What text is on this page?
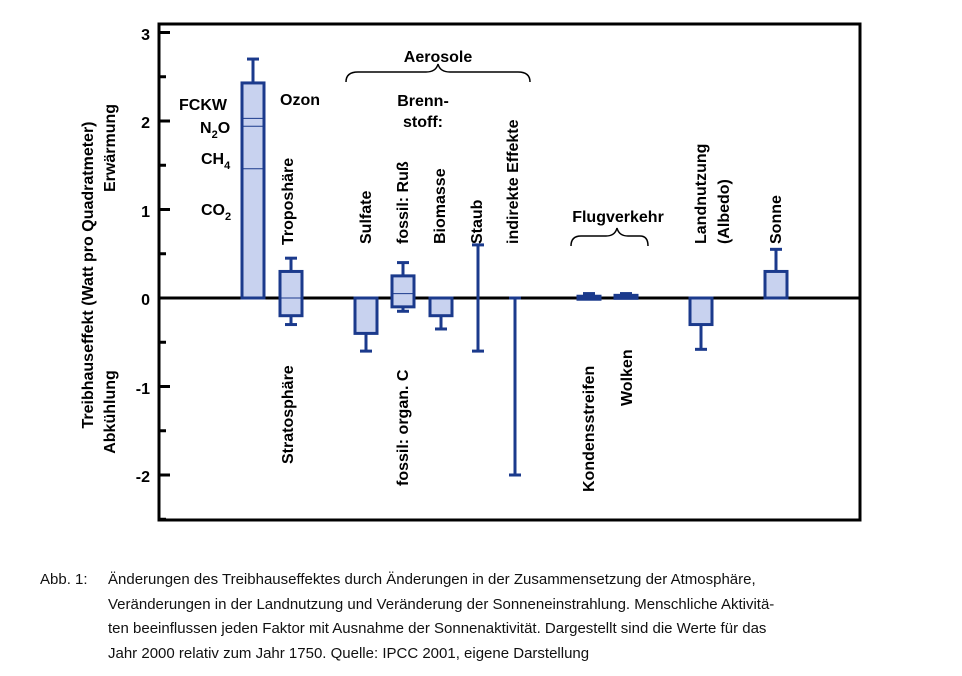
3
2
1
0
-1
-2
Treibhauseffekt (Watt pro Quadratmeter) Erwärmung
Abkühlung
FCKW
$N_2O$
$CH_4$
$CO_2$
Ozon
Aerosole
Brenn-
stoff:
Flugverkehr
Troposhäre
Stratosphäre
Sulfate fossil: Ruß
fossil: organ. C
Biomasse Staub indirekte Effekte
Kondensstreifen Wolken
Landnutzung (Albedo) Sonne
Abb. 1: Änderungen des Treibhauseffektes durch Änderungen in der Zusammensetzung der Atmosphäre,
Veränderungen in der Landnutzung und Veränderung der Sonneneinstrahlung. Menschliche Aktivitä-
ten beeinflussen jeden Faktor mit Ausnahme der Sonnenaktivität. Dargestellt sind die Werte für das
Jahr 2000 relativ zum Jahr 1750. Quelle: IPCC 2001, eigene Darstellung
